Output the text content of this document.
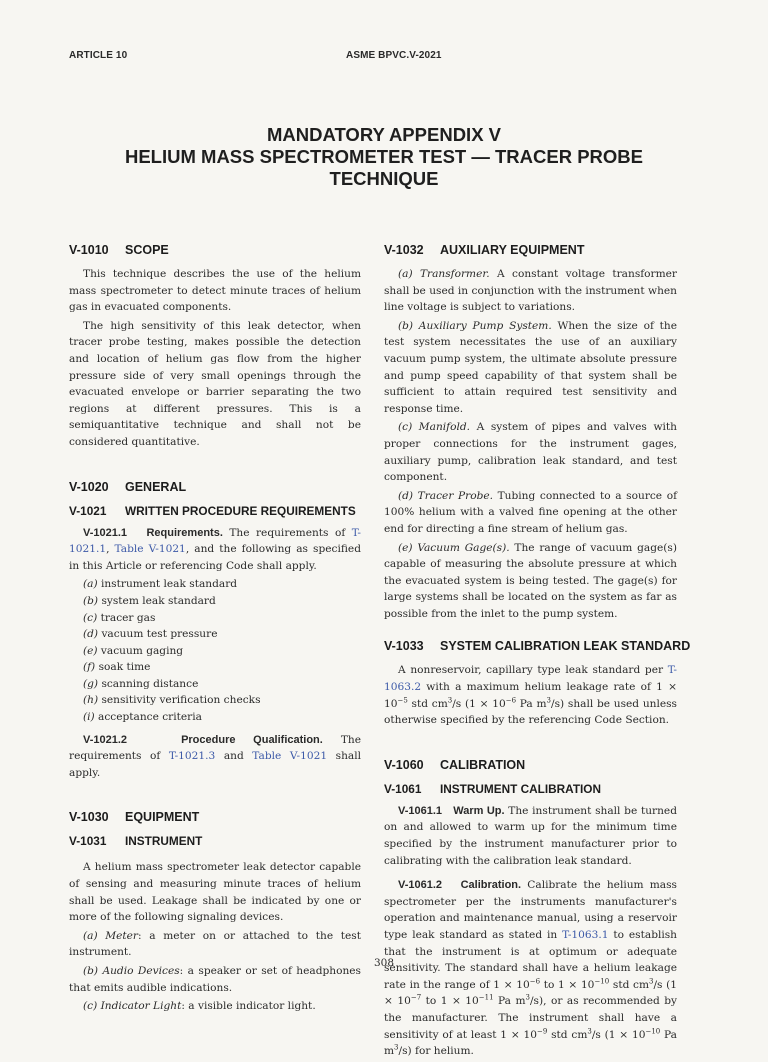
ARTICLE 10	ASME BPVC.V-2021
MANDATORY APPENDIX V
HELIUM MASS SPECTROMETER TEST — TRACER PROBE
TECHNIQUE
V-1010 SCOPE

This technique describes the use of the helium mass spectrometer to detect minute traces of helium gas in evacuated components.

The high sensitivity of this leak detector, when tracer probe testing, makes possible the detection and location of helium gas flow from the higher pressure side of very small openings through the evacuated envelope or barrier separating the two regions at different pressures. This is a semiquantitative technique and shall not be considered quantitative.

V-1020 GENERAL
V-1021 WRITTEN PROCEDURE REQUIREMENTS

V-1021.1 Requirements. The requirements of T-1021.1, Table V-1021, and the following as specified in this Article or referencing Code shall apply.

(a) instrument leak standard
(b) system leak standard
(c) tracer gas
(d) vacuum test pressure
(e) vacuum gaging
(f) soak time
(g) scanning distance
(h) sensitivity verification checks
(i) acceptance criteria

V-1021.2	Procedure Qualification. The requirements of T-1021.3 and Table V-1021 shall apply.

V-1030 EQUIPMENT
V-1031 INSTRUMENT

A helium mass spectrometer leak detector capable of sensing and measuring minute traces of helium shall be used. Leakage shall be indicated by one or more of the following signaling devices.

(a) Meter: a meter on or attached to the test instrument.

(b) Audio Devices: a speaker or set of headphones that emits audible indications.

(c) Indicator Light: a visible indicator light.

V-1032 AUXILIARY EQUIPMENT

(a) Transformer. A constant voltage transformer shall be used in conjunction with the instrument when line voltage is subject to variations.

(b) Auxiliary Pump System. When the size of the test system necessitates the use of an auxiliary vacuum pump system, the ultimate absolute pressure and pump speed capability of that system shall be sufficient to attain required test sensitivity and response time.

(c) Manifold. A system of pipes and valves with proper connections for the instrument gages, auxiliary pump, calibration leak standard, and test component.

(d) Tracer Probe. Tubing connected to a source of 100% helium with a valved fine opening at the other end for directing a fine stream of helium gas.

(e) Vacuum Gage(s). The range of vacuum gage(s) capable of measuring the absolute pressure at which the evacuated system is being tested. The gage(s) for large systems shall be located on the system as far as possible from the inlet to the pump system.

V-1033 SYSTEM CALIBRATION LEAK STANDARD

A nonreservoir, capillary type leak standard per T-1063.2 with a maximum helium leakage rate of $1 \times 10^{-5}$ std $cm^3/s$ ($1 \times 10^{-6}$ Pa $m^3/s$) shall be used unless otherwise specified by the referencing Code Section.

V-1060 CALIBRATION
V-1061 INSTRUMENT CALIBRATION

V-1061.1 Warm Up. The instrument shall be turned on and allowed to warm up for the minimum time specified by the instrument manufacturer prior to calibrating with the calibration leak standard.

V-1061.2 Calibration. Calibrate the helium mass spectrometer per the instruments manufacturer's operation and maintenance manual, using a reservoir type leak standard as stated in T-1063.1 to establish that the instrument is at optimum or adequate sensitivity. The standard shall have a helium leakage rate in the range of $1 \times 10^{-6}$ to $1 \times 10^{-10}$ std $cm^3/s$ ($1 \times 10^{-7}$ to $1 \times 10^{-11}$ Pa $m^3/s$), or as recommended by the manufacturer. The instrument shall have a sensitivity of at least $1 \times 10^{-9}$ std $cm^3/s$ ($1 \times 10^{-10}$ Pa $m^3/s$) for helium.

308
